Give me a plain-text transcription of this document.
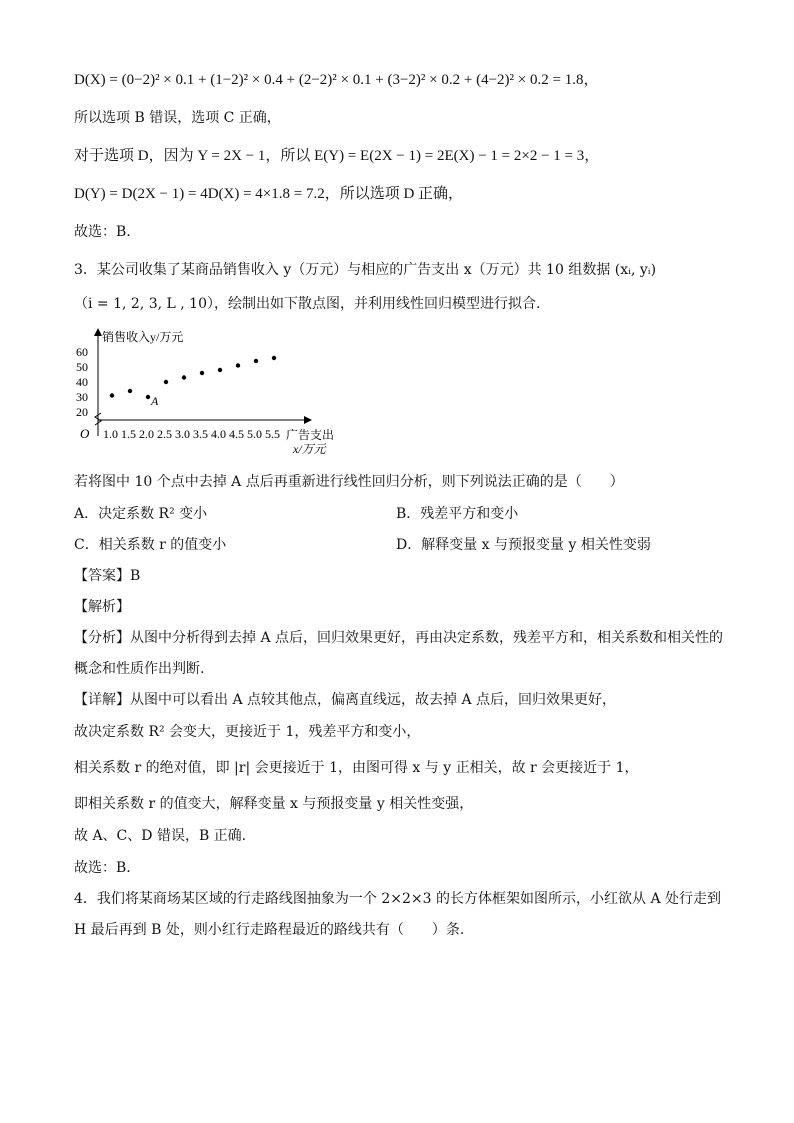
D(X) = (0−2)² × 0.1 + (1−2)² × 0.4 + (2−2)² × 0.1 + (3−2)² × 0.2 + (4−2)² × 0.2 = 1.8，
所以选项 B 错误，选项 C 正确，
对于选项 D，因为 Y = 2X − 1，所以 E(Y) = E(2X − 1) = 2E(X) − 1 = 2×2 − 1 = 3，
D(Y) = D(2X − 1) = 4D(X) = 4×1.8 = 7.2，所以选项 D 正确，
故选：B.
3．某公司收集了某商品销售收入 y（万元）与相应的广告支出 x（万元）共 10 组数据 (xᵢ, yᵢ)
（i = 1, 2, 3, L , 10），绘制出如下散点图，并利用线性回归模型进行拟合.
销售收入y/万元
O	广告支出
x/万元
60
50
40
30
20
1.0 1.5 2.0 2.5 3.0 3.5 4.0 4.5 5.0 5.5
A
若将图中 10 个点中去掉 A 点后再重新进行线性回归分析，则下列说法正确的是（　　）
A．决定系数 R² 变小	B．残差平方和变小
C．相关系数 r 的值变小	D．解释变量 x 与预报变量 y 相关性变弱
【答案】B
【解析】
【分析】从图中分析得到去掉 A 点后，回归效果更好，再由决定系数，残差平方和，相关系数和相关性的
概念和性质作出判断.
【详解】从图中可以看出 A 点较其他点，偏离直线远，故去掉 A 点后，回归效果更好，
故决定系数 R² 会变大，更接近于 1，残差平方和变小，
相关系数 r 的绝对值，即 |r| 会更接近于 1，由图可得 x 与 y 正相关，故 r 会更接近于 1，
即相关系数 r 的值变大，解释变量 x 与预报变量 y 相关性变强，
故 A、C、D 错误，B 正确.
故选：B.
4．我们将某商场某区域的行走路线图抽象为一个 2×2×3 的长方体框架如图所示，小红欲从 A 处行走到
H 最后再到 B 处，则小红行走路程最近的路线共有（　　）条.
